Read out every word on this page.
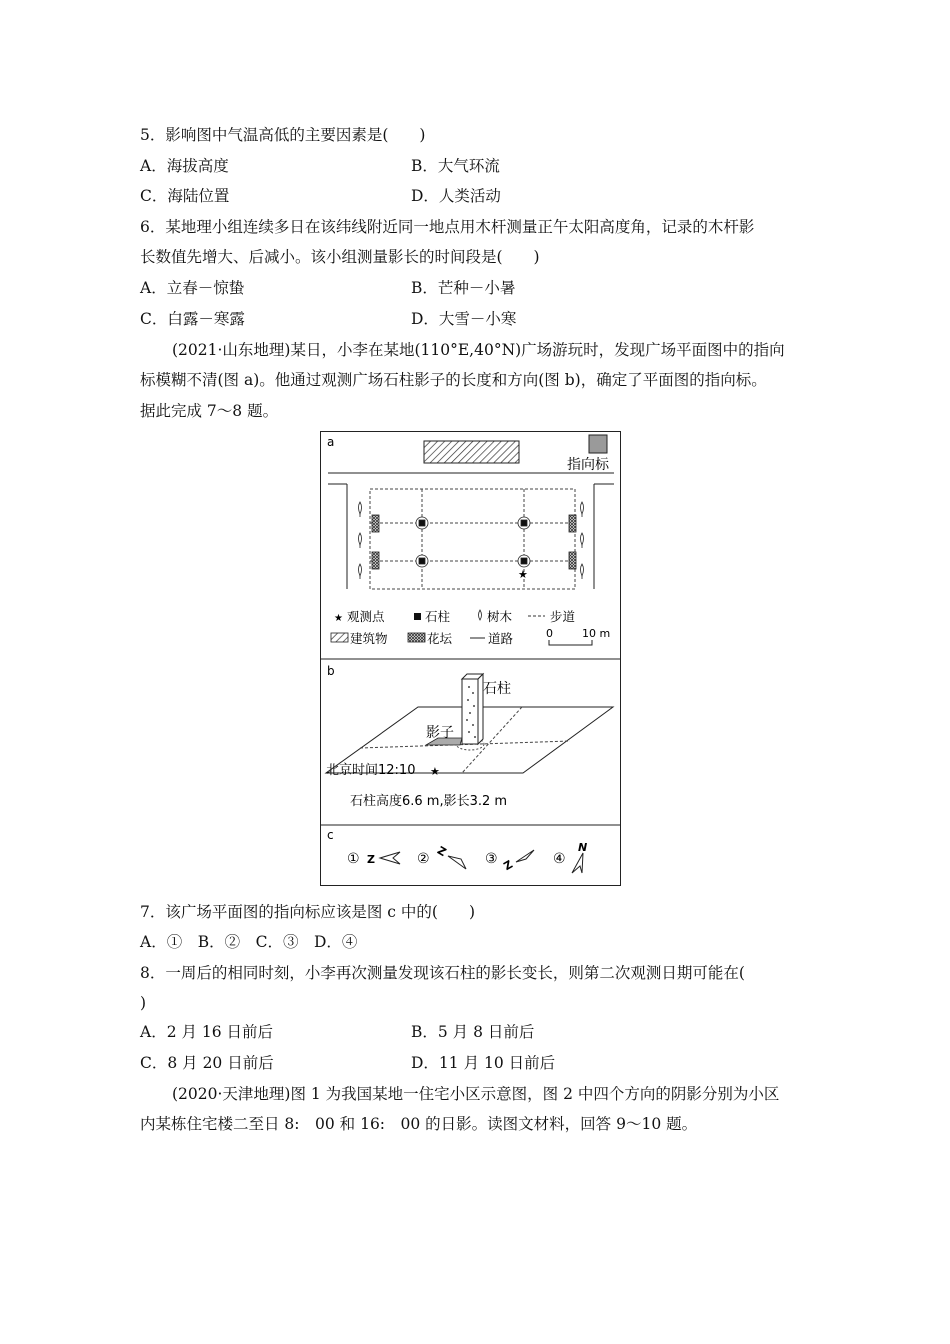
5．影响图中气温高低的主要因素是(　　)
A．海拔高度	B．大气环流
C．海陆位置	D．人类活动
6．某地理小组连续多日在该纬线附近同一地点用木杆测量正午太阳高度角，记录的木杆影
长数值先增大、后减小。该小组测量影长的时间段是(　　)
A．立春－惊蛰	B．芒种－小暑
C．白露－寒露	D．大雪－小寒
(2021·山东地理)某日，小李在某地(110°E,40°N)广场游玩时，发现广场平面图中的指向
标模糊不清(图 a)。他通过观测广场石柱影子的长度和方向(图 b)，确定了平面图的指向标。
据此完成 7～8 题。
a
指向标
★
★ 观测点	石柱	树木	步道
建筑物	花坛	道路	0	10 m
b
石柱
影子
北京时间12:10 ★
石柱高度6.6 m,影长3.2 m
c
① Z	② Z	③ Z	④
N
7．该广场平面图的指向标应该是图 c 中的(　　)
A．①　B．②　C．③　D．④
8．一周后的相同时刻，小李再次测量发现该石柱的影长变长，则第二次观测日期可能在(
)
A．2 月 16 日前后	B．5 月 8 日前后
C．8 月 20 日前后	D．11 月 10 日前后
(2020·天津地理)图 1 为我国某地一住宅小区示意图，图 2 中四个方向的阴影分别为小区
内某栋住宅楼二至日 8:　00 和 16:　00 的日影。读图文材料，回答 9～10 题。
